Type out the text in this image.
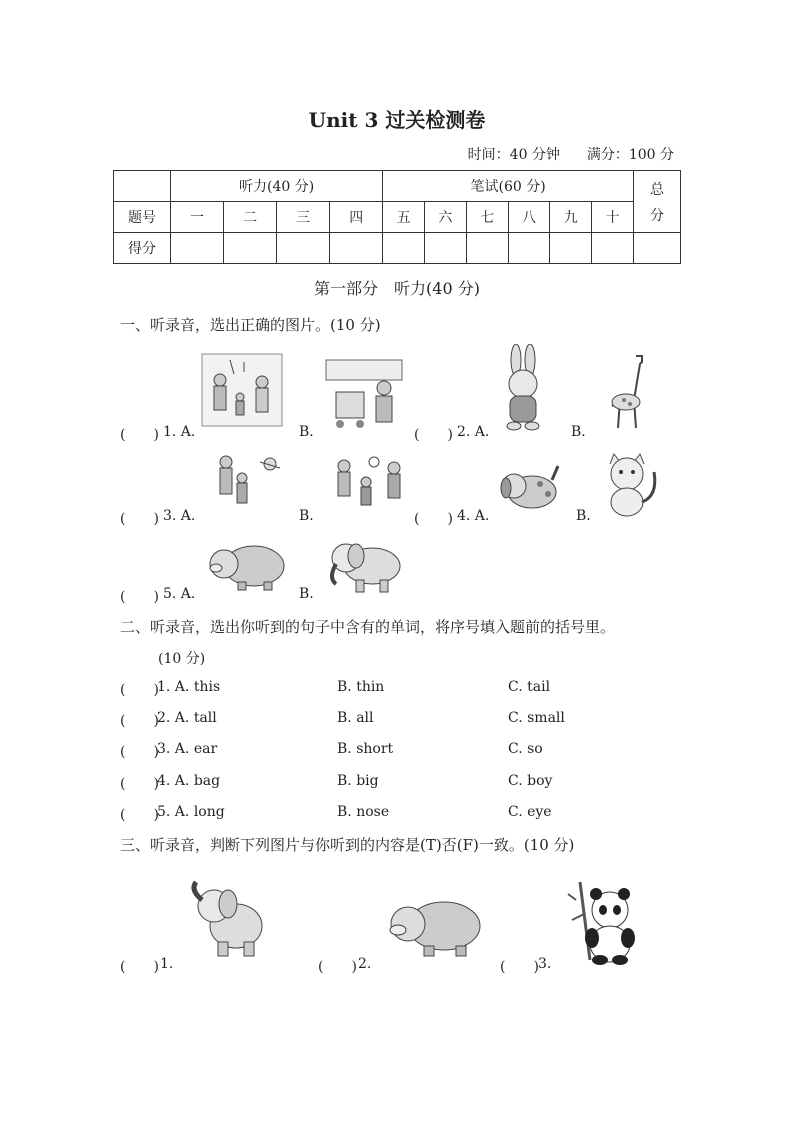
Unit 3 过关检测卷
时间：40 分钟 满分：100 分
	听力(40 分)				笔试(60 分)						总
分

题号	一	二	三	四	五	六	七	八	九	十	
得分											
第一部分　听力(40 分)
一、听录音，选出正确的图片。(10 分)
(　　) 1. A.	B.	(　　) 2. A.	B.
(　　) 3. A.	B.	(　　) 4. A.	B.
(　　) 5. A.	B.
二、听录音，选出你听到的句子中含有的单词，将序号填入题前的括号里。
(10 分)
(　　)
1. A. this	B. thin	C. tail
(　　)
2. A. tall	B. all	C. small
(　　)
3. A. ear	B. short	C. so
(　　)
4. A. bag	B. big	C. boy
(　　)
5. A. long	B. nose	C. eye
三、听录音，判断下列图片与你听到的内容是(T)否(F)一致。(10 分)
(　　) 1.	(　　) 2.	(　　) 3.
